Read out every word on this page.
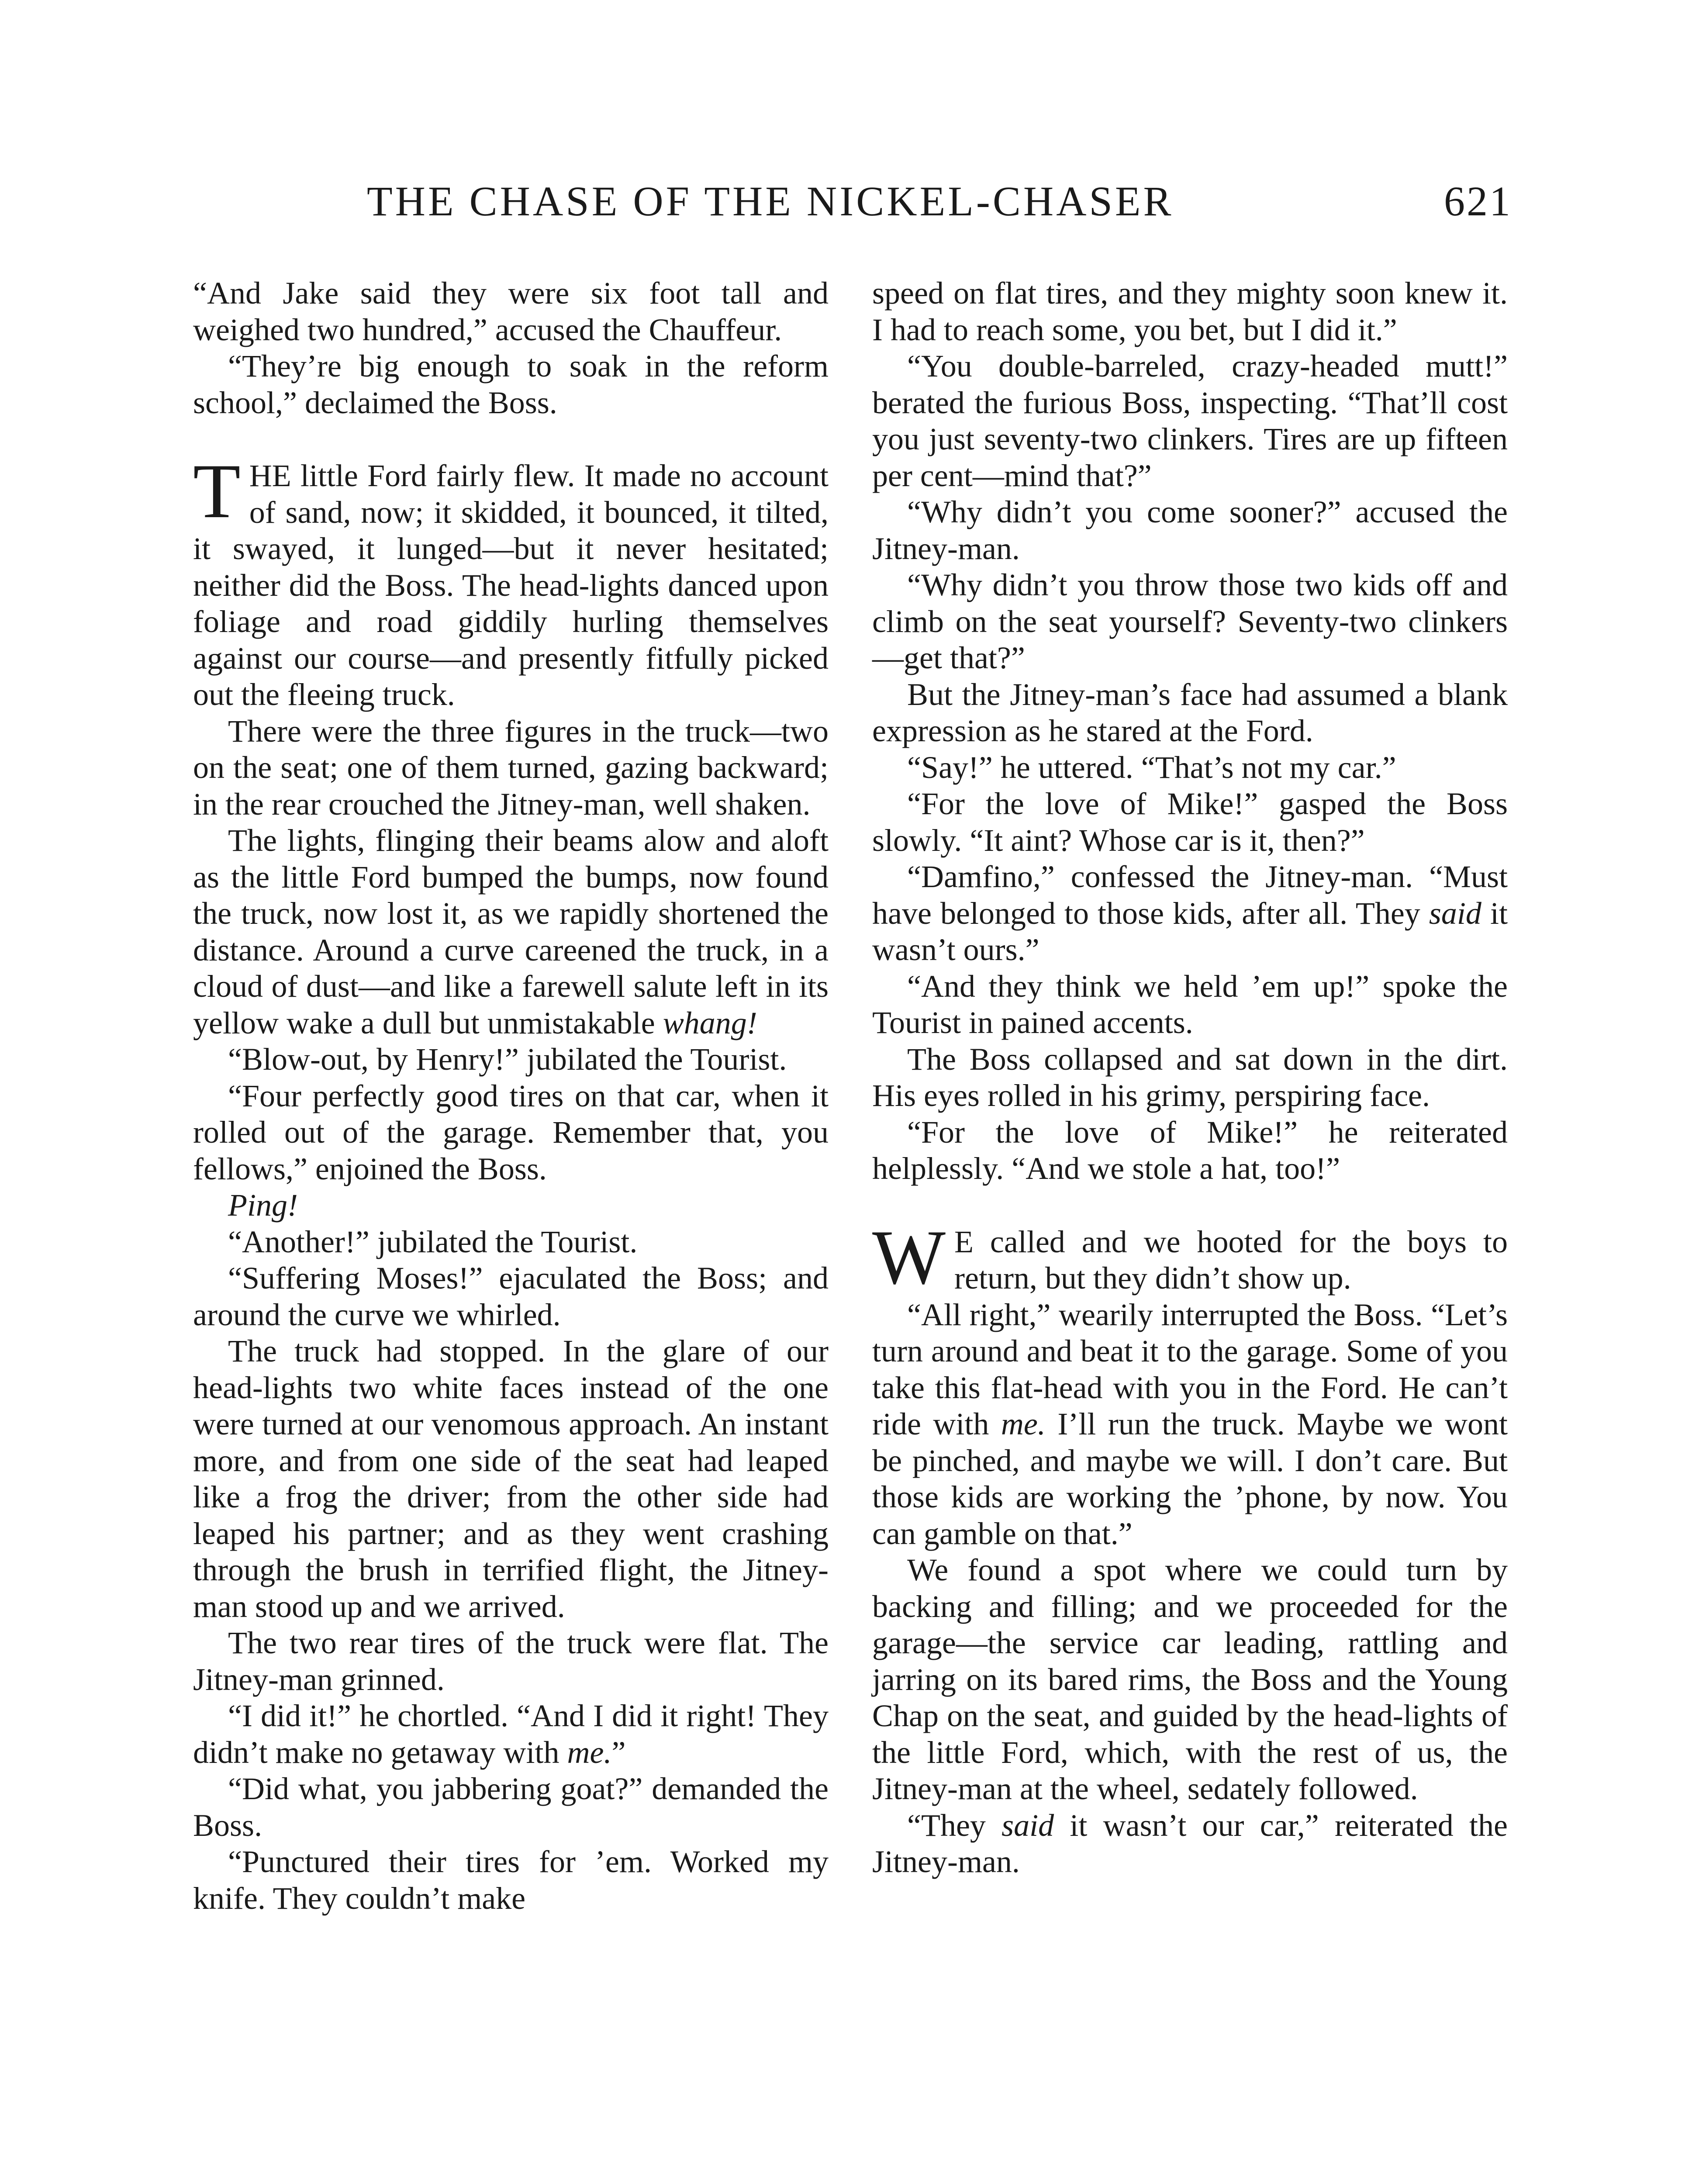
THE CHASE OF THE NICKEL-CHASER	621

“And Jake said they were six foot tall and weighed two hundred,” accused the Chauffeur.

“They’re big enough to soak in the reform school,” declaimed the Boss.

THE little Ford fairly flew. It made no account of sand, now; it skidded, it bounced, it tilted, it swayed, it lunged—but it never hesitated; neither did the Boss. The head-lights danced upon foliage and road giddily hurling themselves against our course—and presently fitfully picked out the fleeing truck.

There were the three figures in the truck—two on the seat; one of them turned, gazing backward; in the rear crouched the Jitney-man, well shaken.

The lights, flinging their beams alow and aloft as the little Ford bumped the bumps, now found the truck, now lost it, as we rapidly shortened the distance. Around a curve careened the truck, in a cloud of dust—and like a farewell salute left in its yellow wake a dull but unmistakable whang!

“Blow-out, by Henry!” jubilated the Tourist.

“Four perfectly good tires on that car, when it rolled out of the garage. Remember that, you fellows,” enjoined the Boss.

Ping!

“Another!” jubilated the Tourist.

“Suffering Moses!” ejaculated the Boss; and around the curve we whirled.

The truck had stopped. In the glare of our head-lights two white faces instead of the one were turned at our venomous approach. An instant more, and from one side of the seat had leaped like a frog the driver; from the other side had leaped his partner; and as they went crashing through the brush in terrified flight, the Jitney-man stood up and we arrived.

The two rear tires of the truck were flat. The Jitney-man grinned.

“I did it!” he chortled. “And I did it right! They didn’t make no getaway with me.”

“Did what, you jabbering goat?” demanded the Boss.

“Punctured their tires for ’em. Worked my knife. They couldn’t make

speed on flat tires, and they mighty soon knew it. I had to reach some, you bet, but I did it.”

“You double-barreled, crazy-headed mutt!” berated the furious Boss, inspecting. “That’ll cost you just seventy-two clinkers. Tires are up fifteen per cent—mind that?”

“Why didn’t you come sooner?” accused the Jitney-man.

“Why didn’t you throw those two kids off and climb on the seat yourself? Seventy-two clinkers—get that?”

But the Jitney-man’s face had assumed a blank expression as he stared at the Ford.

“Say!” he uttered. “That’s not my car.”

“For the love of Mike!” gasped the Boss slowly. “It aint? Whose car is it, then?”

“Damfino,” confessed the Jitney-man. “Must have belonged to those kids, after all. They said it wasn’t ours.”

“And they think we held ’em up!” spoke the Tourist in pained accents.

The Boss collapsed and sat down in the dirt. His eyes rolled in his grimy, perspiring face.

“For the love of Mike!” he reiterated helplessly. “And we stole a hat, too!”

W E called and we hooted for the boys to return, but they didn’t show up.

“All right,” wearily interrupted the Boss. “Let’s turn around and beat it to the garage. Some of you take this flat-head with you in the Ford. He can’t ride with me. I’ll run the truck. Maybe we wont be pinched, and maybe we will. I don’t care. But those kids are working the ’phone, by now. You can gamble on that.”

We found a spot where we could turn by backing and filling; and we proceeded for the garage—the service car leading, rattling and jarring on its bared rims, the Boss and the Young Chap on the seat, and guided by the head-lights of the little Ford, which, with the rest of us, the Jitney-man at the wheel, sedately followed.

“They said it wasn’t our car,” reiterated the Jitney-man.
